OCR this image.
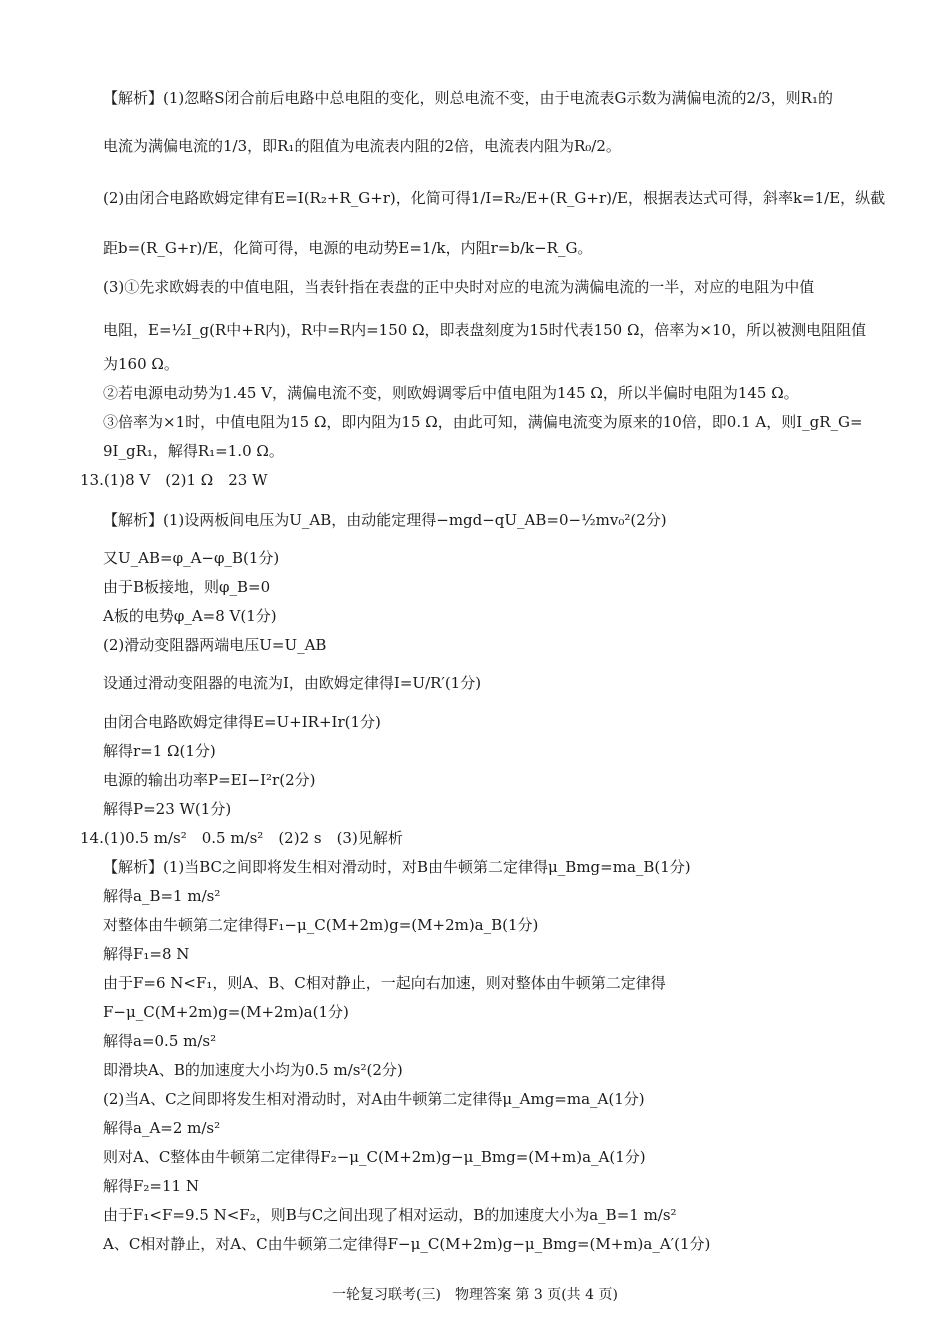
【解析】(1)忽略S闭合前后电路中总电阻的变化，则总电流不变，由于电流表G示数为满偏电流的2/3，则R₁的
电流为满偏电流的1/3，即R₁的阻值为电流表内阻的2倍，电流表内阻为R₀/2。
(2)由闭合电路欧姆定律有E=I(R₂+R_G+r)，化简可得1/I=R₂/E+(R_G+r)/E，根据表达式可得，斜率k=1/E，纵截
距b=(R_G+r)/E，化简可得，电源的电动势E=1/k，内阻r=b/k−R_G。
(3)①先求欧姆表的中值电阻，当表针指在表盘的正中央时对应的电流为满偏电流的一半，对应的电阻为中值
电阻，E=½I_g(R中+R内)，R中=R内=150 Ω，即表盘刻度为15时代表150 Ω，倍率为×10，所以被测电阻阻值
为160 Ω。
②若电源电动势为1.45 V，满偏电流不变，则欧姆调零后中值电阻为145 Ω，所以半偏时电阻为145 Ω。
③倍率为×1时，中值电阻为15 Ω，即内阻为15 Ω，由此可知，满偏电流变为原来的10倍，即0.1 A，则I_gR_G=
9I_gR₁，解得R₁=1.0 Ω。
13.(1)8 V　(2)1 Ω　23 W
【解析】(1)设两板间电压为U_AB，由动能定理得−mgd−qU_AB=0−½mv₀²(2分)
又U_AB=φ_A−φ_B(1分)
由于B板接地，则φ_B=0
A板的电势φ_A=8 V(1分)
(2)滑动变阻器两端电压U=U_AB
设通过滑动变阻器的电流为I，由欧姆定律得I=U/R′(1分)
由闭合电路欧姆定律得E=U+IR+Ir(1分)
解得r=1 Ω(1分)
电源的输出功率P=EI−I²r(2分)
解得P=23 W(1分)
14.(1)0.5 m/s²　0.5 m/s²　(2)2 s　(3)见解析
【解析】(1)当BC之间即将发生相对滑动时，对B由牛顿第二定律得μ_Bmg=ma_B(1分)
解得a_B=1 m/s²
对整体由牛顿第二定律得F₁−μ_C(M+2m)g=(M+2m)a_B(1分)
解得F₁=8 N
由于F=6 N<F₁，则A、B、C相对静止，一起向右加速，则对整体由牛顿第二定律得
F−μ_C(M+2m)g=(M+2m)a(1分)
解得a=0.5 m/s²
即滑块A、B的加速度大小均为0.5 m/s²(2分)
(2)当A、C之间即将发生相对滑动时，对A由牛顿第二定律得μ_Amg=ma_A(1分)
解得a_A=2 m/s²
则对A、C整体由牛顿第二定律得F₂−μ_C(M+2m)g−μ_Bmg=(M+m)a_A(1分)
解得F₂=11 N
由于F₁<F=9.5 N<F₂，则B与C之间出现了相对运动，B的加速度大小为a_B=1 m/s²
A、C相对静止，对A、C由牛顿第二定律得F−μ_C(M+2m)g−μ_Bmg=(M+m)a_A′(1分)
一轮复习联考(三)　物理答案 第 3 页(共 4 页)
